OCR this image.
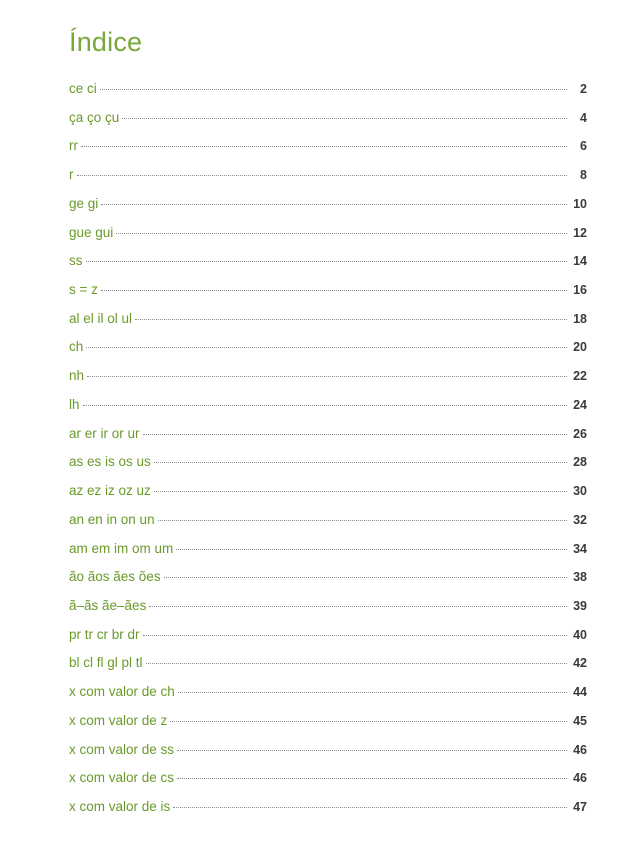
Índice
ce ci	2
ça ço çu	4
rr	6
r	8
ge gi	10
gue gui	12
ss	14
s = z	16
al el il ol ul	18
ch	20
nh	22
lh	24
ar er ir or ur	26
as es is os us	28
az ez iz oz uz	30
an en in on un	32
am em im om um	34
ão ãos ães ões	38
ã–ãs ãe–ães	39
pr tr cr br dr	40
bl cl fl gl pl tl	42
x com valor de ch	44
x com valor de z	45
x com valor de ss	46
x com valor de cs	46
x com valor de is	47
